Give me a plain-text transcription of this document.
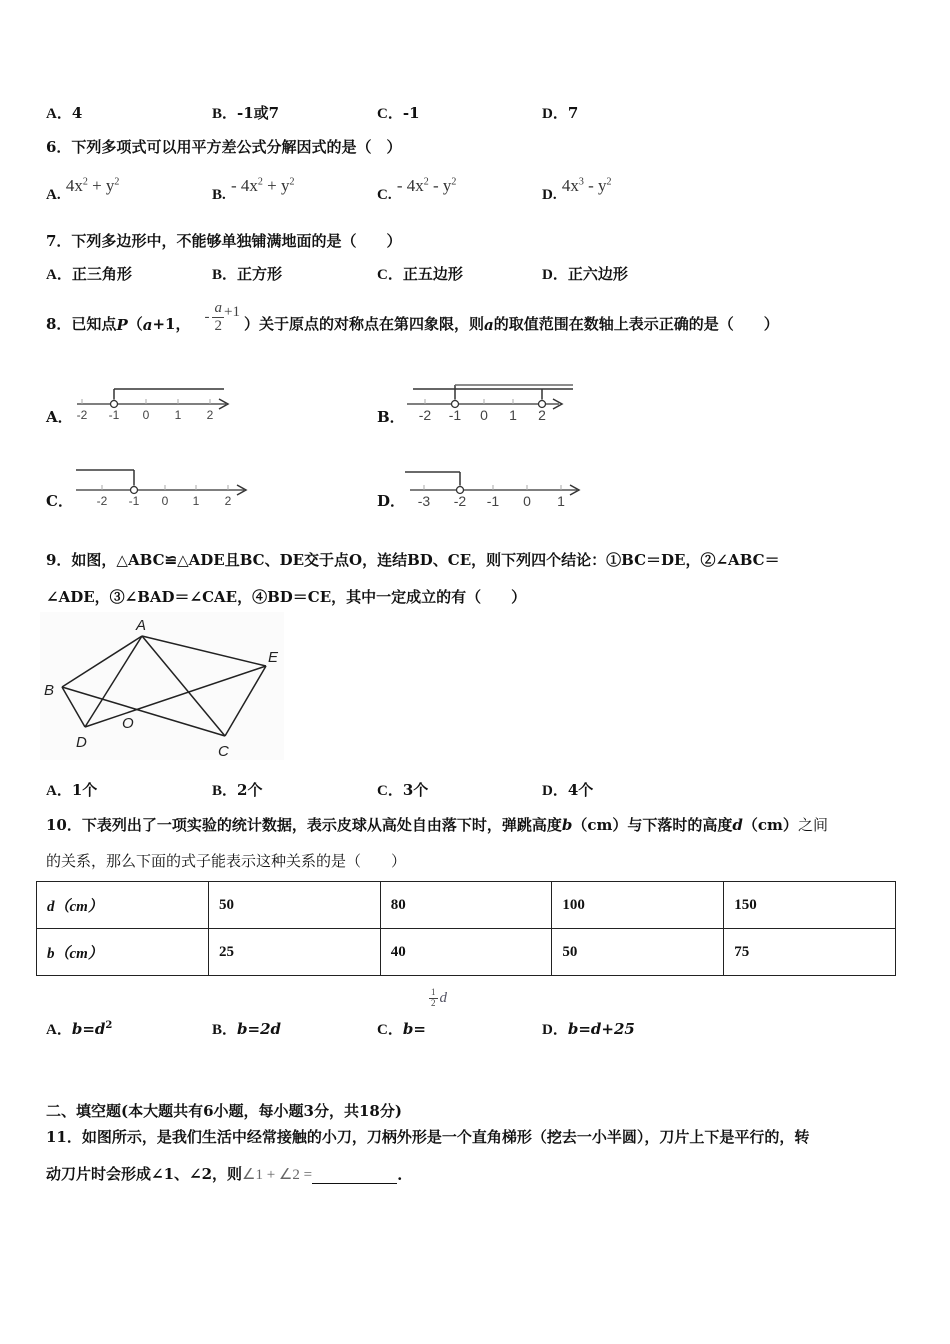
A．4	B．-1或7	C．-1	D．7
6．下列多项式可以用平方差公式分解因式的是（　）
A. $4x^2 + y^2$
B. - $4x^2 + y^2$
C. - $4x^2 - y^2$
D. $4x^3 - y^2$
7．下列多边形中，不能够单独铺满地面的是（　　）
A．正三角形	B．正方形	C．正五边形	D．正六边形
8．已知点 P （ a +1， - $\frac{a}{2} +1$
）关于原点的对称点在第四象限，则 a 的取值范围在数轴上表示正确的是（　　）
A． -2 -1 0 1 2	B． -2 -1 0 1 2
C． -2 -1 0 1 2	D． -3 -2 -1 0 1
9．如图，△ABC≌△ADE且BC、DE交于点O，连结BD、CE，则下列四个结论：①BC＝DE，②∠ABC＝
∠ADE，③∠BAD＝∠CAE，④BD＝CE，其中一定成立的有（　　）
A
B
D
O
C
E
A．1个	B．2个	C．3个	D．4个
10．下表列出了一项实验的统计数据，表示皮球从高处自由落下时，弹跳高度b（cm）与下落时的高度d（cm）之间
的关系，那么下面的式子能表示这种关系的是（　　）
d（cm）	50	80	100	150
b（cm）	25	40	50	75
A．$b=d^2$	B．b=2d	C．b=
$\frac{1}{2}$ d
D．b=d+25
二、填空题(本大题共有6小题，每小题3分，共18分)
11．如图所示，是我们生活中经常接触的小刀，刀柄外形是一个直角梯形（挖去一小半圆），刀片上下是平行的，转
动刀片时会形成∠1、∠2，则 ∠1 + ∠2 =	.
